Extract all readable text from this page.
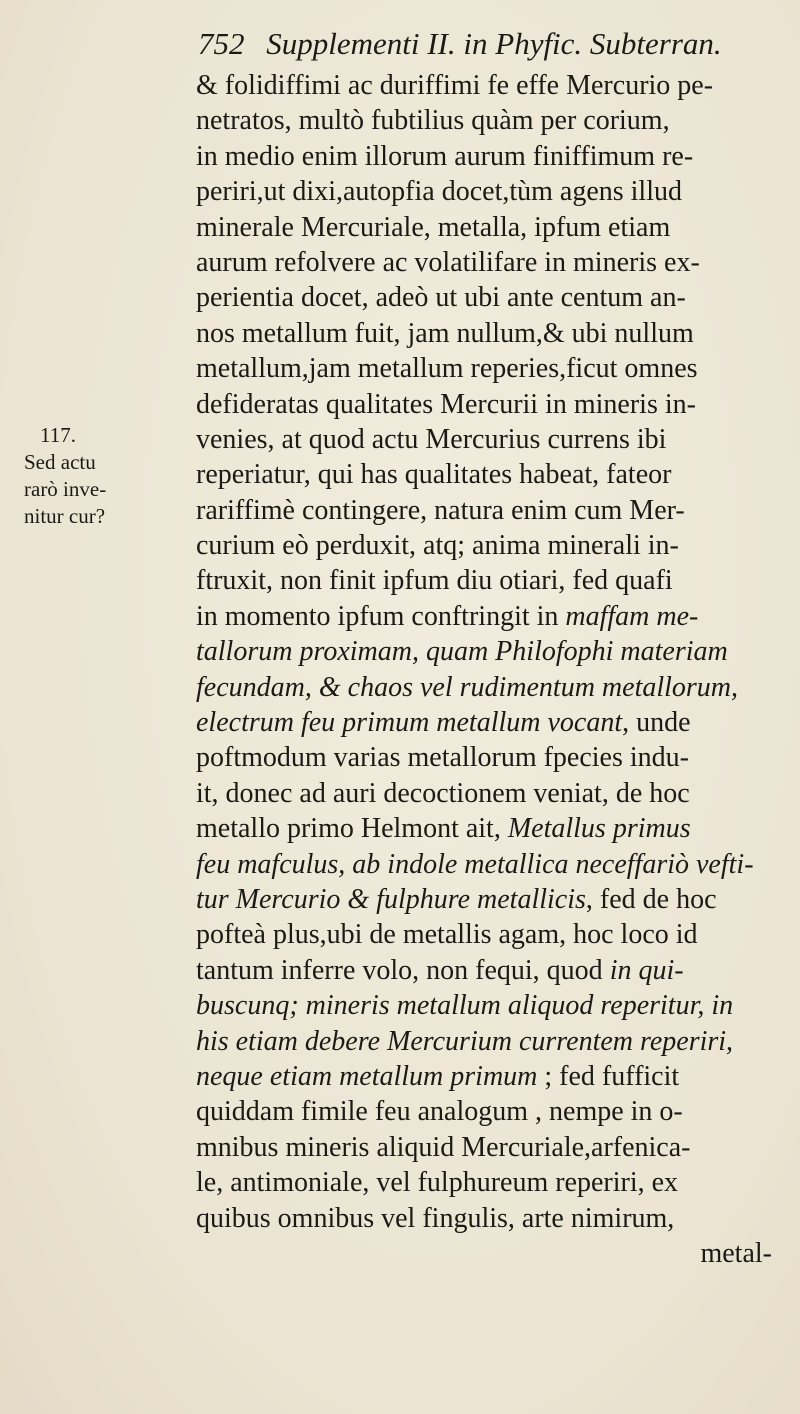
752 Supplementi II. in Phyfic. Subterran.
117.
Sed actu
rarò inve-
nitur cur?
& folidiffimi ac duriffimi fe effe Mercurio pe-
netratos, multò fubtilius quàm per corium,
in medio enim illorum aurum finiffimum re-
periri,ut dixi,autopfia docet,tùm agens illud
minerale Mercuriale, metalla, ipfum etiam
aurum refolvere ac volatilifare in mineris ex-
perientia docet, adeò ut ubi ante centum an-
nos metallum fuit, jam nullum,& ubi nullum
metallum,jam metallum reperies,ficut omnes
defideratas qualitates Mercurii in mineris in-
venies, at quod actu Mercurius currens ibi
reperiatur, qui has qualitates habeat, fateor
rariffimè contingere, natura enim cum Mer-
curium eò perduxit, atq; anima minerali in-
ftruxit, non finit ipfum diu otiari, fed quafi
in momento ipfum conftringit in maffam me-
tallorum proximam, quam Philofophi materiam
fecundam, & chaos vel rudimentum metallorum,
electrum feu primum metallum vocant, unde
poftmodum varias metallorum fpecies indu-
it, donec ad auri decoctionem veniat, de hoc
metallo primo Helmont ait, Metallus primus
feu mafculus, ab indole metallica neceffariò vefti-
tur Mercurio & fulphure metallicis, fed de hoc
pofteà plus,ubi de metallis agam, hoc loco id
tantum inferre volo, non fequi, quod in qui-
buscunq; mineris metallum aliquod reperitur, in
his etiam debere Mercurium currentem reperiri,
neque etiam metallum primum ; fed fufficit
quiddam fimile feu analogum , nempe in o-
mnibus mineris aliquid Mercuriale,arfenica-
le, antimoniale, vel fulphureum reperiri, ex
quibus omnibus vel fingulis, arte nimirum,
metal-
